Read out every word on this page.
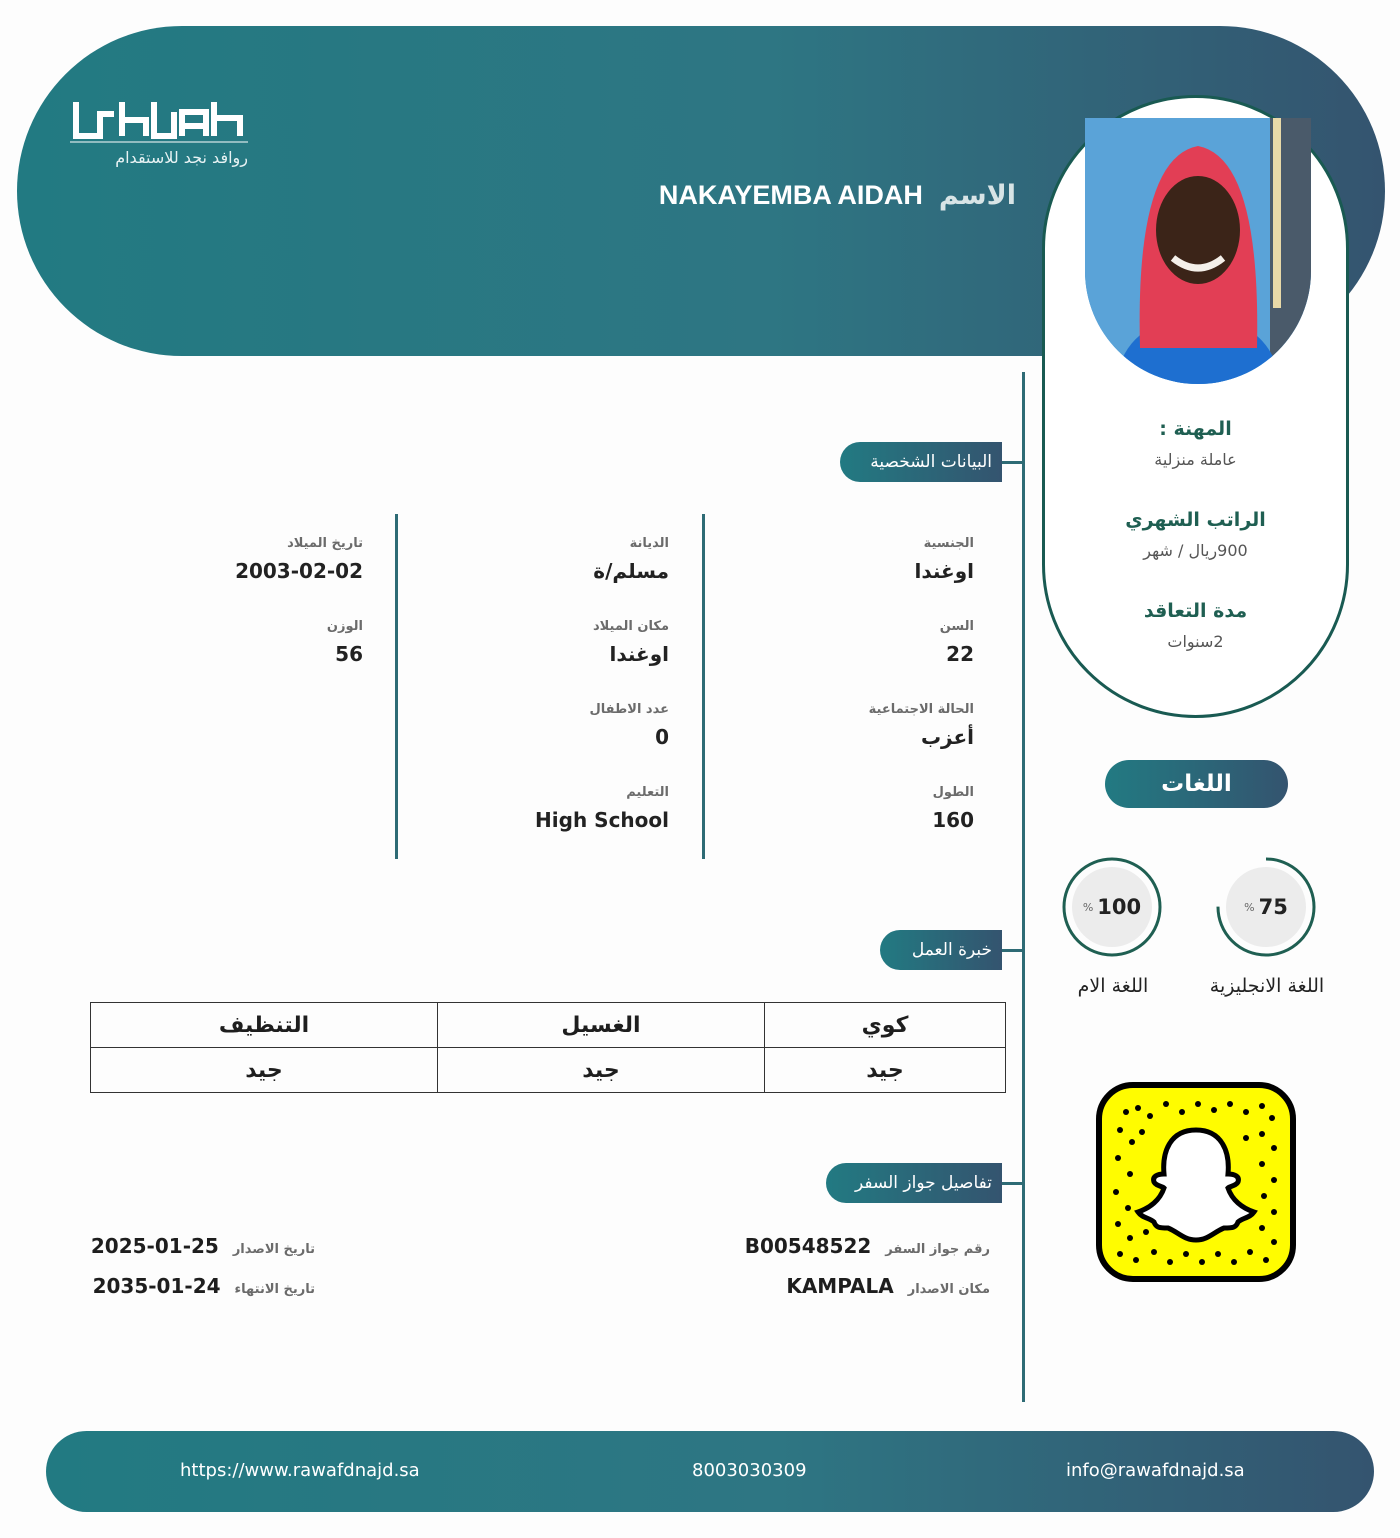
روافد نجد للاستقدام
الاسم
NAKAYEMBA AIDAH
المهنة :
عاملة منزلية
الراتب الشهري
900ريال / شهر
مدة التعاقد
2سنوات
البيانات الشخصية
الجنسية
اوغندا
السن
22
الحالة الاجتماعية
أعزب
الطول
160
الديانة
مسلم/ة
مكان الميلاد
اوغندا
عدد الاطفال
0
التعليم
High School
تاريخ الميلاد
2003-02-02
الوزن
56
اللغات
% 75
اللغة الانجليزية
% 100
اللغة الام
خبرة العمل
كوي	الغسيل	التنظيف
جيد	جيد	جيد
تفاصيل جواز السفر
رقم جواز السفر
B00548522
مكان الاصدار
KAMPALA
تاريخ الاصدار
2025-01-25
تاريخ الانتهاء
2035-01-24
https://www.rawafdnajd.sa	8003030309	info@rawafdnajd.sa
